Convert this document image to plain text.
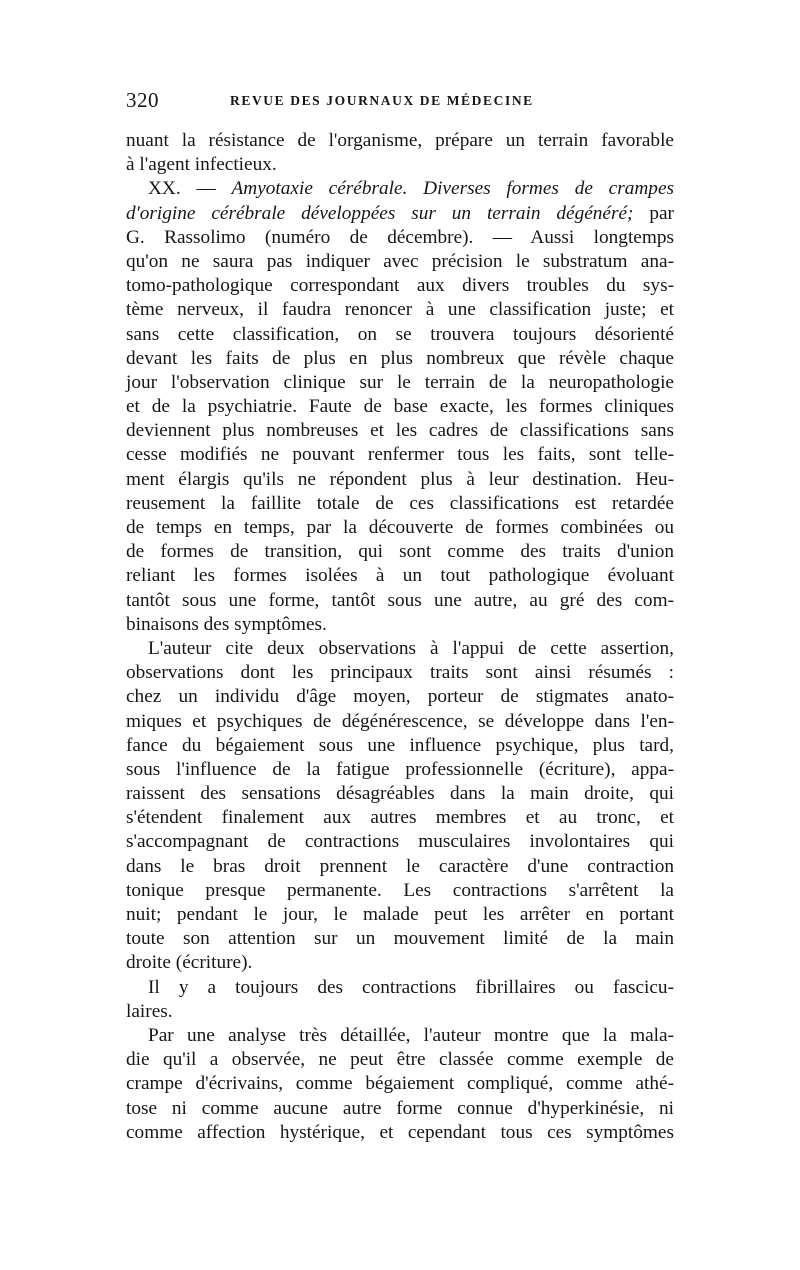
320	REVUE DES JOURNAUX DE MÉDECINE
nuant la résistance de l'organisme, prépare un terrain favorable
à l'agent infectieux.
XX. — Amyotaxie cérébrale. Diverses formes de crampes
d'origine cérébrale développées sur un terrain dégénéré; par
G. Rassolimo (numéro de décembre). — Aussi longtemps
qu'on ne saura pas indiquer avec précision le substratum ana-
tomo-pathologique correspondant aux divers troubles du sys-
tème nerveux, il faudra renoncer à une classification juste; et
sans cette classification, on se trouvera toujours désorienté
devant les faits de plus en plus nombreux que révèle chaque
jour l'observation clinique sur le terrain de la neuropathologie
et de la psychiatrie. Faute de base exacte, les formes cliniques
deviennent plus nombreuses et les cadres de classifications sans
cesse modifiés ne pouvant renfermer tous les faits, sont telle-
ment élargis qu'ils ne répondent plus à leur destination. Heu-
reusement la faillite totale de ces classifications est retardée
de temps en temps, par la découverte de formes combinées ou
de formes de transition, qui sont comme des traits d'union
reliant les formes isolées à un tout pathologique évoluant
tantôt sous une forme, tantôt sous une autre, au gré des com-
binaisons des symptômes.
L'auteur cite deux observations à l'appui de cette assertion,
observations dont les principaux traits sont ainsi résumés :
chez un individu d'âge moyen, porteur de stigmates anato-
miques et psychiques de dégénérescence, se développe dans l'en-
fance du bégaiement sous une influence psychique, plus tard,
sous l'influence de la fatigue professionnelle (écriture), appa-
raissent des sensations désagréables dans la main droite, qui
s'étendent finalement aux autres membres et au tronc, et
s'accompagnant de contractions musculaires involontaires qui
dans le bras droit prennent le caractère d'une contraction
tonique presque permanente. Les contractions s'arrêtent la
nuit; pendant le jour, le malade peut les arrêter en portant
toute son attention sur un mouvement limité de la main
droite (écriture).
Il y a toujours des contractions fibrillaires ou fascicu-
laires.
Par une analyse très détaillée, l'auteur montre que la mala-
die qu'il a observée, ne peut être classée comme exemple de
crampe d'écrivains, comme bégaiement compliqué, comme athé-
tose ni comme aucune autre forme connue d'hyperkinésie, ni
comme affection hystérique, et cependant tous ces symptômes
